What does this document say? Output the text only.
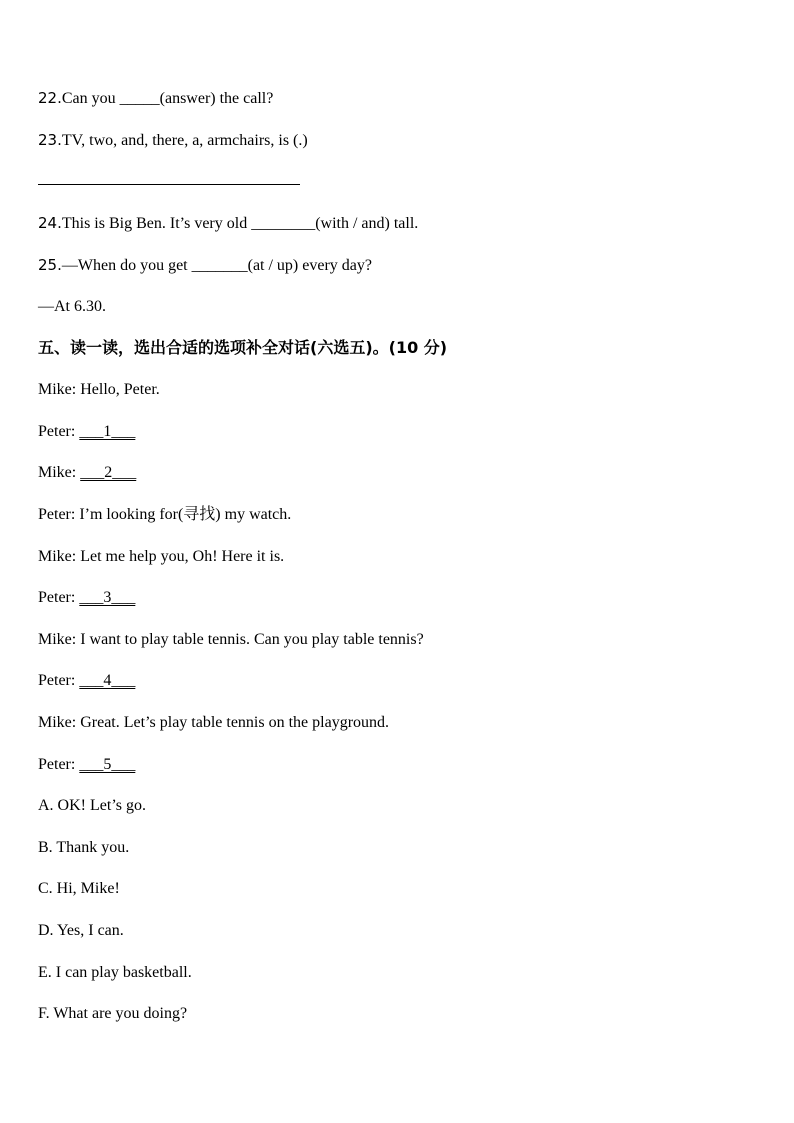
22.Can you _____(answer) the call?
23.TV, two, and, there, a, armchairs, is (.)
24.This is Big Ben. It’s very old ________(with / and) tall.
25.—When do you get _______(at / up) every day?
—At 6.30.
五、读一读，选出合适的选项补全对话(六选五)。(10 分)
Mike: Hello, Peter.
Peter: ___1___
Mike: ___2___
Peter: I’m looking for(寻找) my watch.
Mike: Let me help you, Oh! Here it is.
Peter: ___3___
Mike: I want to play table tennis. Can you play table tennis?
Peter: ___4___
Mike: Great. Let’s play table tennis on the playground.
Peter: ___5___
A. OK! Let’s go.
B. Thank you.
C. Hi, Mike!
D. Yes, I can.
E. I can play basketball.
F. What are you doing?
